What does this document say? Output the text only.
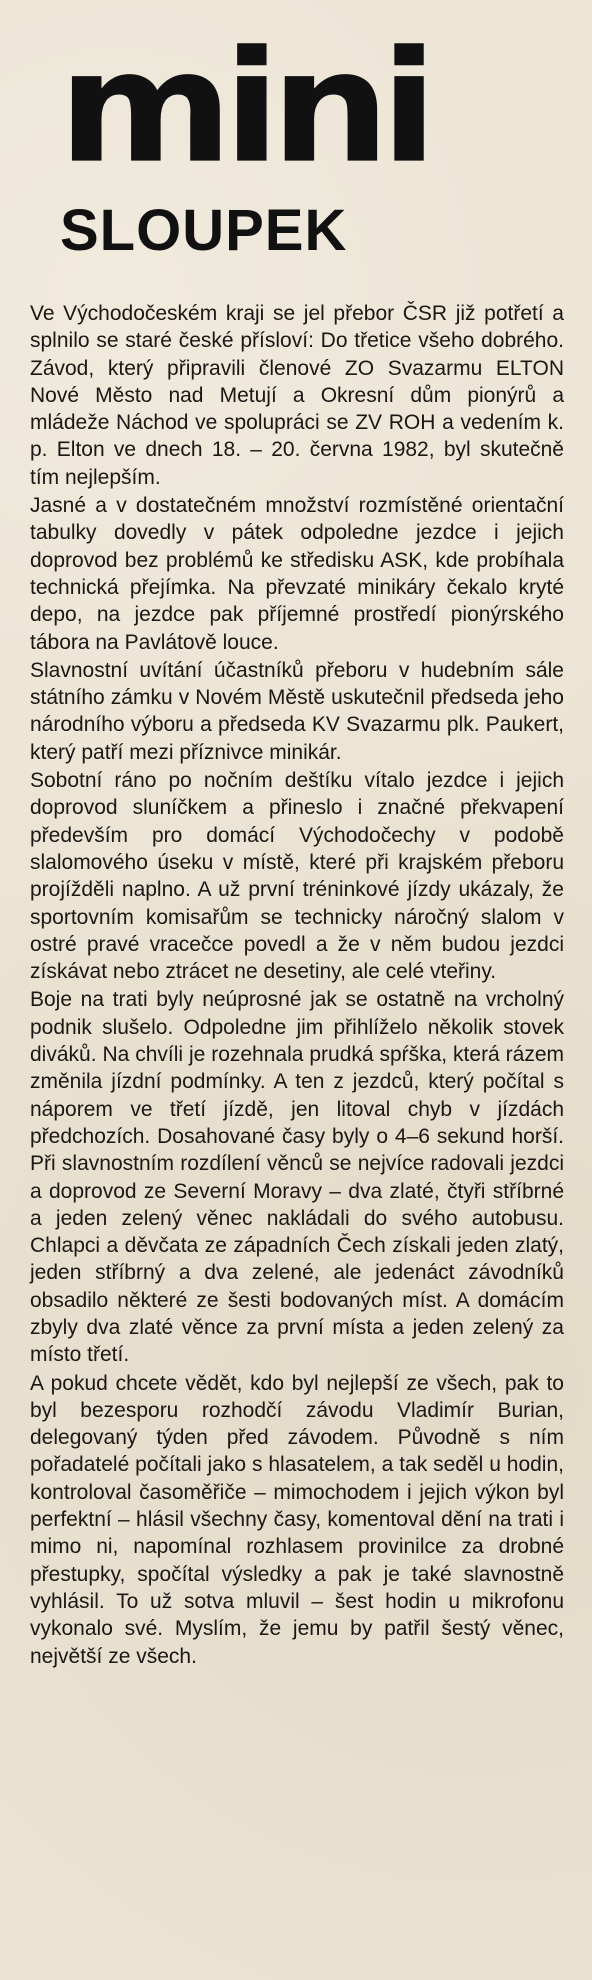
mini
SLOUPEK

Ve Východočeském kraji se jel přebor ČSR již potřetí a splnilo se staré české přísloví: Do třetice všeho dobrého. Závod, který připravili členové ZO Svazarmu ELTON Nové Město nad Metují a Okresní dům pionýrů a mládeže Náchod ve spolupráci se ZV ROH a vedením k. p. Elton ve dnech 18. – 20. června 1982, byl skutečně tím nejlepším.

Jasné a v dostatečném množství rozmístěné orientační tabulky dovedly v pátek odpoledne jezdce i jejich doprovod bez problémů ke středisku ASK, kde probíhala technická přejímka. Na převzaté minikáry čekalo kryté depo, na jezdce pak příjemné prostředí pionýrského tábora na Pavlátově louce.

Slavnostní uvítání účastníků přeboru v hudebním sále státního zámku v Novém Městě uskutečnil předseda jeho národního výboru a předseda KV Svazarmu plk. Paukert, který patří mezi příznivce minikár.

Sobotní ráno po nočním deštíku vítalo jezdce i jejich doprovod sluníčkem a přineslo i značné překvapení především pro domácí Východočechy v podobě slalomového úseku v místě, které při krajském přeboru projížděli naplno. A už první tréninkové jízdy ukázaly, že sportovním komisařům se technicky náročný slalom v ostré pravé vracečce povedl a že v něm budou jezdci získávat nebo ztrácet ne desetiny, ale celé vteřiny.

Boje na trati byly neúprosné jak se ostatně na vrcholný podnik slušelo. Odpoledne jim přihlíželo několik stovek diváků. Na chvíli je rozehnala prudká spŕška, která rázem změnila jízdní podmínky. A ten z jezdců, který počítal s náporem ve třetí jízdě, jen litoval chyb v jízdách předchozích. Dosahované časy byly o 4–6 sekund horší. Při slavnostním rozdílení věnců se nejvíce radovali jezdci a doprovod ze Severní Moravy – dva zlaté, čtyři stříbrné a jeden zelený věnec nakládali do svého autobusu. Chlapci a děvčata ze západních Čech získali jeden zlatý, jeden stříbrný a dva zelené, ale jedenáct závodníků obsadilo některé ze šesti bodovaných míst. A domácím zbyly dva zlaté věnce za první místa a jeden zelený za místo třetí.

A pokud chcete vědět, kdo byl nejlepší ze všech, pak to byl bezesporu rozhodčí závodu Vladimír Burian, delegovaný týden před závodem. Původně s ním pořadatelé počítali jako s hlasatelem, a tak seděl u hodin, kontroloval časoměřiče – mimochodem i jejich výkon byl perfektní – hlásil všechny časy, komentoval dění na trati i mimo ni, napomínal rozhlasem provinilce za drobné přestupky, spočítal výsledky a pak je také slavnostně vyhlásil. To už sotva mluvil – šest hodin u mikrofonu vykonalo své. Myslím, že jemu by patřil šestý věnec, největší ze všech.
